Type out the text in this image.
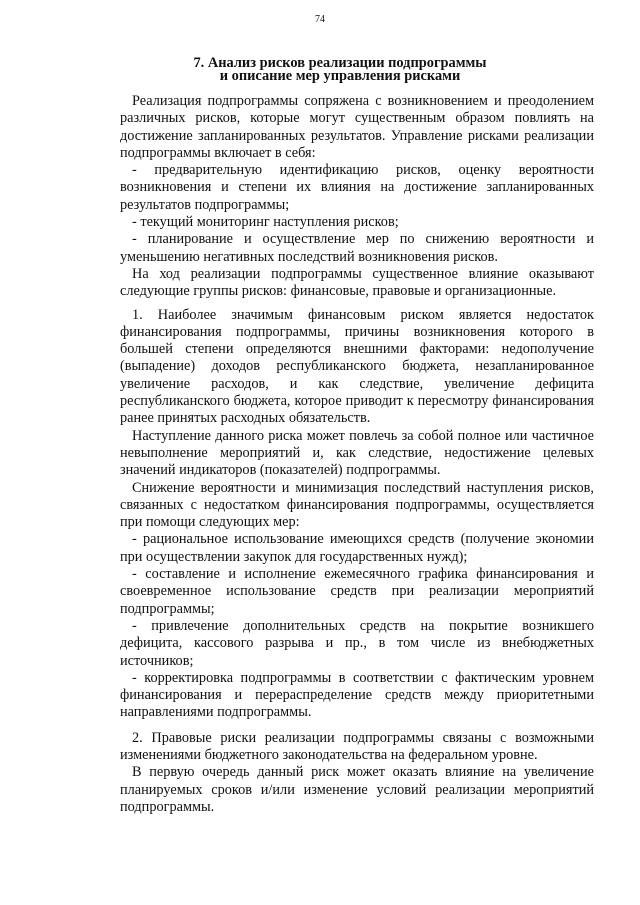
74
7. Анализ рисков реализации подпрограммы
и описание мер управления рисками

Реализация подпрограммы сопряжена с возникновением и преодолением различных рисков, которые могут существенным образом повлиять на достижение запланированных результатов. Управление рисками реализации подпрограммы включает в себя:

- предварительную идентификацию рисков, оценку вероятности возникновения и степени их влияния на достижение запланированных результатов подпрограммы;

- текущий мониторинг наступления рисков;

- планирование и осуществление мер по снижению вероятности и уменьшению негативных последствий возникновения рисков.

На ход реализации подпрограммы существенное влияние оказывают следующие группы рисков: финансовые, правовые и организационные.

1. Наиболее значимым финансовым риском является недостаток финансирования подпрограммы, причины возникновения которого в большей степени определяются внешними факторами: недополучение (выпадение) доходов республиканского бюджета, незапланированное увеличение расходов, и как следствие, увеличение дефицита республиканского бюджета, которое приводит к пересмотру финансирования ранее принятых расходных обязательств.

Наступление данного риска может повлечь за собой полное или частичное невыполнение мероприятий и, как следствие, недостижение целевых значений индикаторов (показателей) подпрограммы.

Снижение вероятности и минимизация последствий наступления рисков, связанных с недостатком финансирования подпрограммы, осуществляется при помощи следующих мер:

- рациональное использование имеющихся средств (получение экономии при осуществлении закупок для государственных нужд);

- составление и исполнение ежемесячного графика финансирования и своевременное использование средств при реализации мероприятий подпрограммы;

- привлечение дополнительных средств на покрытие возникшего дефицита, кассового разрыва и пр., в том числе из внебюджетных источников;

- корректировка подпрограммы в соответствии с фактическим уровнем финансирования и перераспределение средств между приоритетными направлениями подпрограммы.

2. Правовые риски реализации подпрограммы связаны с возможными изменениями бюджетного законодательства на федеральном уровне.

В первую очередь данный риск может оказать влияние на увеличение планируемых сроков и/или изменение условий реализации мероприятий подпрограммы.
